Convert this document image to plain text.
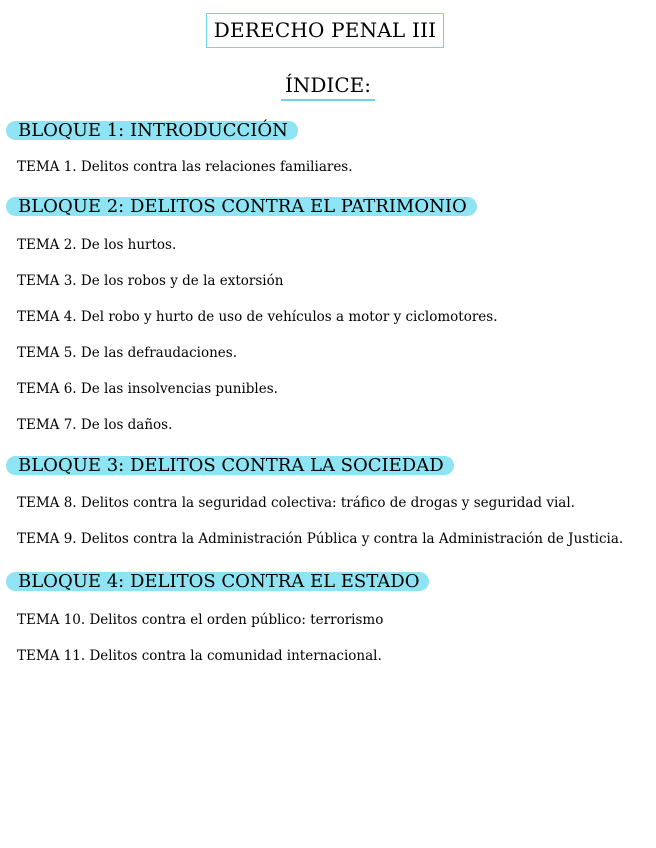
DERECHO PENAL III
ÍNDICE:
BLOQUE 1: INTRODUCCIÓN
TEMA 1. Delitos contra las relaciones familiares.
BLOQUE 2: DELITOS CONTRA EL PATRIMONIO
TEMA 2. De los hurtos.
TEMA 3. De los robos y de la extorsión
TEMA 4. Del robo y hurto de uso de vehículos a motor y ciclomotores.
TEMA 5. De las defraudaciones.
TEMA 6. De las insolvencias punibles.
TEMA 7. De los daños.
BLOQUE 3: DELITOS CONTRA LA SOCIEDAD
TEMA 8. Delitos contra la seguridad colectiva: tráfico de drogas y seguridad vial.
TEMA 9. Delitos contra la Administración Pública y contra la Administración de Justicia.
BLOQUE 4: DELITOS CONTRA EL ESTADO
TEMA 10. Delitos contra el orden público: terrorismo
TEMA 11. Delitos contra la comunidad internacional.
